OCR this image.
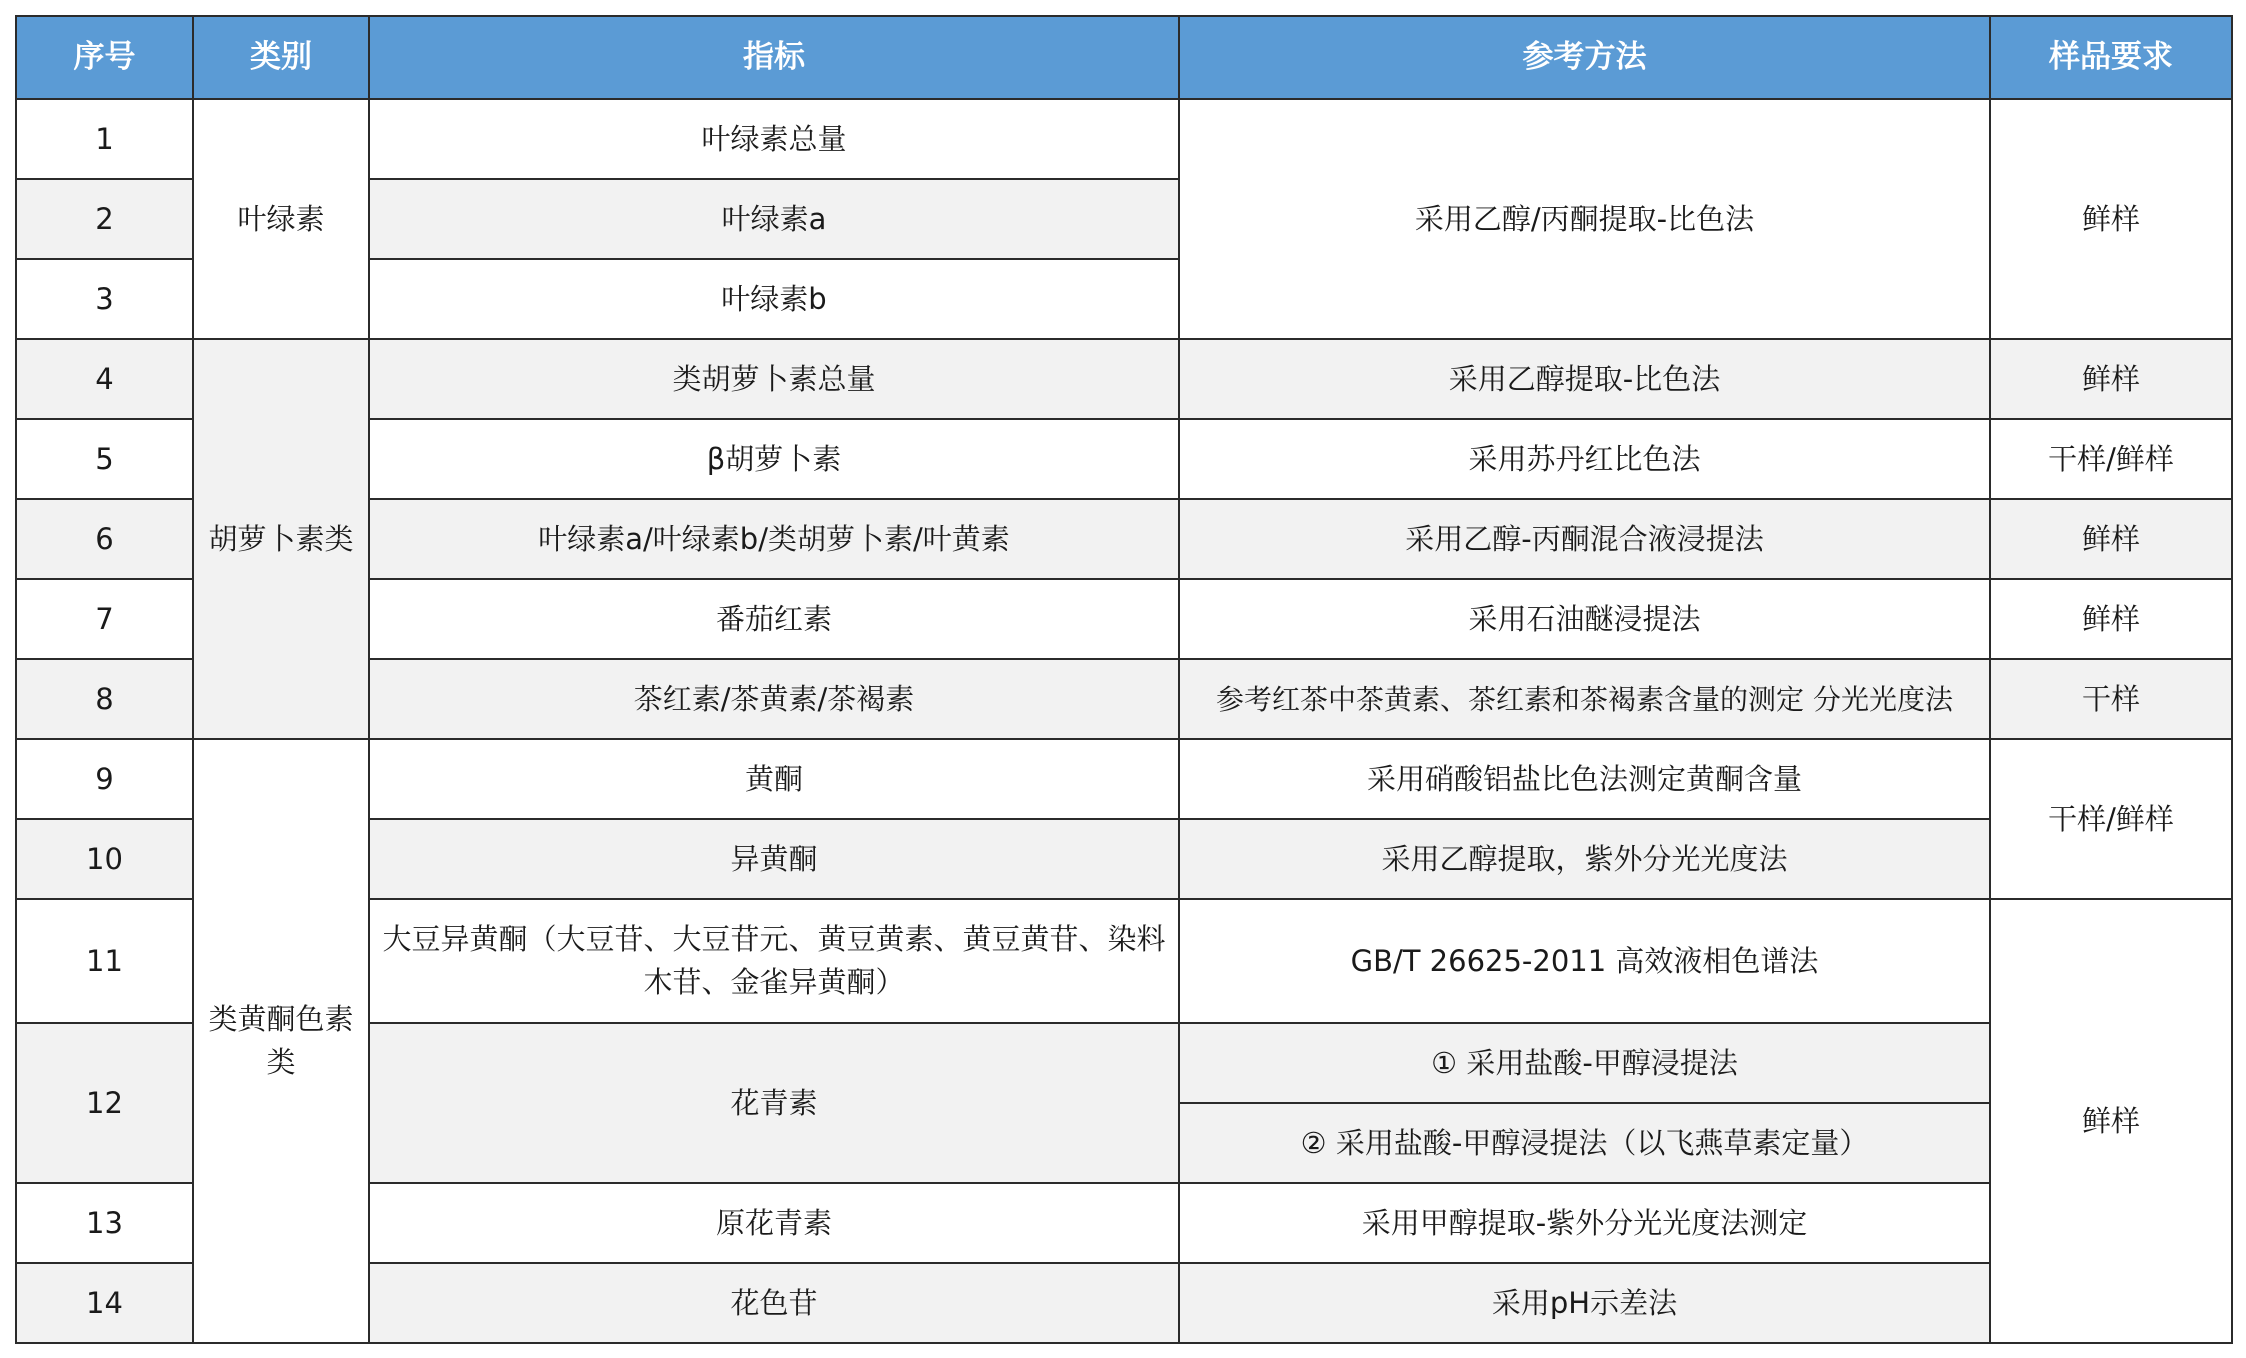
序号	类别	指标	参考方法	样品要求
1	叶绿素	叶绿素总量	采用乙醇/丙酮提取-比色法	鲜样
2		叶绿素a		
3		叶绿素b		
4	胡萝卜素类	类胡萝卜素总量	采用乙醇提取-比色法	鲜样
5		β胡萝卜素	采用苏丹红比色法	干样/鲜样
6		叶绿素a/叶绿素b/类胡萝卜素/叶黄素	采用乙醇-丙酮混合液浸提法	鲜样
7		番茄红素	采用石油醚浸提法	鲜样
8		茶红素/茶黄素/茶褐素	参考红茶中茶黄素、茶红素和茶褐素含量的测定 分光光度法	干样
9	类黄酮色素类	黄酮	采用硝酸铝盐比色法测定黄酮含量	干样/鲜样
10		异黄酮	采用乙醇提取，紫外分光光度法	
11		大豆异黄酮（大豆苷、大豆苷元、黄豆黄素、黄豆黄苷、染料木苷、金雀异黄酮）	GB/T 26625-2011 高效液相色谱法	鲜样
12		花青素	① 采用盐酸-甲醇浸提法	
			② 采用盐酸-甲醇浸提法（以飞燕草素定量）	
13		原花青素	采用甲醇提取-紫外分光光度法测定	
14		花色苷	采用pH示差法	
